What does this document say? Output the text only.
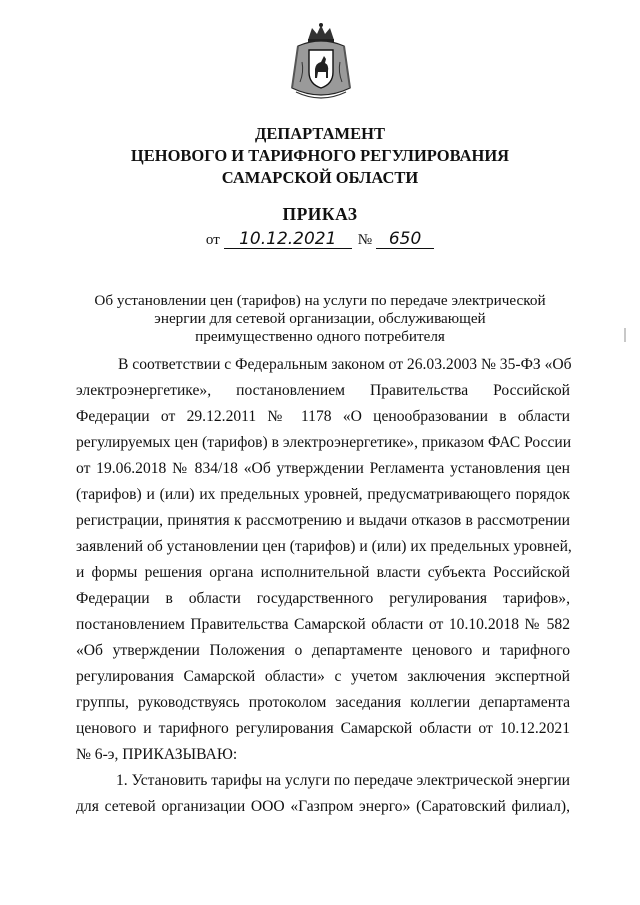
ДЕПАРТАМЕНТ
ЦЕНОВОГО И ТАРИФНОГО РЕГУЛИРОВАНИЯ
САМАРСКОЙ ОБЛАСТИ
ПРИКАЗ
от 10.12.2021 № 650
Об установлении цен (тарифов) на услуги по передаче электрической
энергии для сетевой организации, обслуживающей
преимущественно одного потребителя
В соответствии с Федеральным законом от 26.03.2003 № 35-ФЗ «Об
электроэнергетике», постановлением Правительства Российской
Федерации от 29.12.2011 № 1178 «О ценообразовании в области
регулируемых цен (тарифов) в электроэнергетике», приказом ФАС России
от 19.06.2018 № 834/18 «Об утверждении Регламента установления цен
(тарифов) и (или) их предельных уровней, предусматривающего порядок
регистрации, принятия к рассмотрению и выдачи отказов в рассмотрении
заявлений об установлении цен (тарифов) и (или) их предельных уровней,
и формы решения органа исполнительной власти субъекта Российской
Федерации в области государственного регулирования тарифов»,
постановлением Правительства Самарской области от 10.10.2018 № 582
«Об утверждении Положения о департаменте ценового и тарифного
регулирования Самарской области» с учетом заключения экспертной
группы, руководствуясь протоколом заседания коллегии департамента
ценового и тарифного регулирования Самарской области от 10.12.2021
№ 6-э, ПРИКАЗЫВАЮ:
1. Установить тарифы на услуги по передаче электрической энергии
для сетевой организации ООО «Газпром энерго» (Саратовский филиал),
